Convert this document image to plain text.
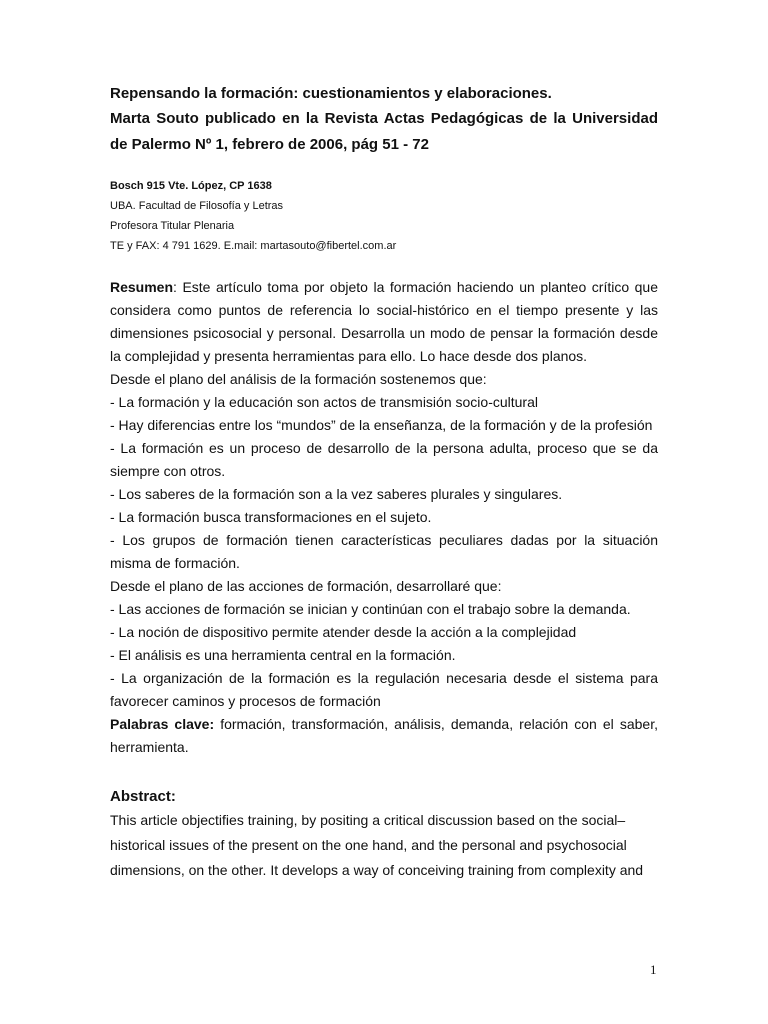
Repensando la formación: cuestionamientos y elaboraciones.

Marta Souto publicado en la Revista Actas Pedagógicas de la Universidad de Palermo Nº 1, febrero de 2006, pág 51 - 72

Bosch 915 Vte. López, CP 1638
UBA. Facultad de Filosofía y Letras
Profesora Titular Plenaria
TE y FAX: 4 791 1629. E.mail: martasouto@fibertel.com.ar

Resumen: Este artículo toma por objeto la formación haciendo un planteo crítico que considera como puntos de referencia lo social-histórico en el tiempo presente y las dimensiones psicosocial y personal. Desarrolla un modo de pensar la formación desde la complejidad y presenta herramientas para ello. Lo hace desde dos planos.

Desde el plano del análisis de la formación sostenemos que:

- La formación y la educación son actos de transmisión socio-cultural

- Hay diferencias entre los “mundos” de la enseñanza, de la formación y de la profesión

- La formación es un proceso de desarrollo de la persona adulta, proceso que se da siempre con otros.

- Los saberes de la formación son a la vez saberes plurales y singulares.

- La formación busca transformaciones en el sujeto.

- Los grupos de formación tienen características peculiares dadas por la situación misma de formación.

Desde el plano de las acciones de formación, desarrollaré que:

- Las acciones de formación se inician y continúan con el trabajo sobre la demanda.

- La noción de dispositivo permite atender desde la acción a la complejidad

- El análisis es una herramienta central en la formación.

- La organización de la formación es la regulación necesaria desde el sistema para favorecer caminos y procesos de formación

Palabras clave: formación, transformación, análisis, demanda, relación con el saber, herramienta.

Abstract:

This article objectifies training, by positing a critical discussion based on the social–

historical issues of the present on the one hand, and the personal and psychosocial

dimensions, on the other. It develops a way of conceiving training from complexity and

1
